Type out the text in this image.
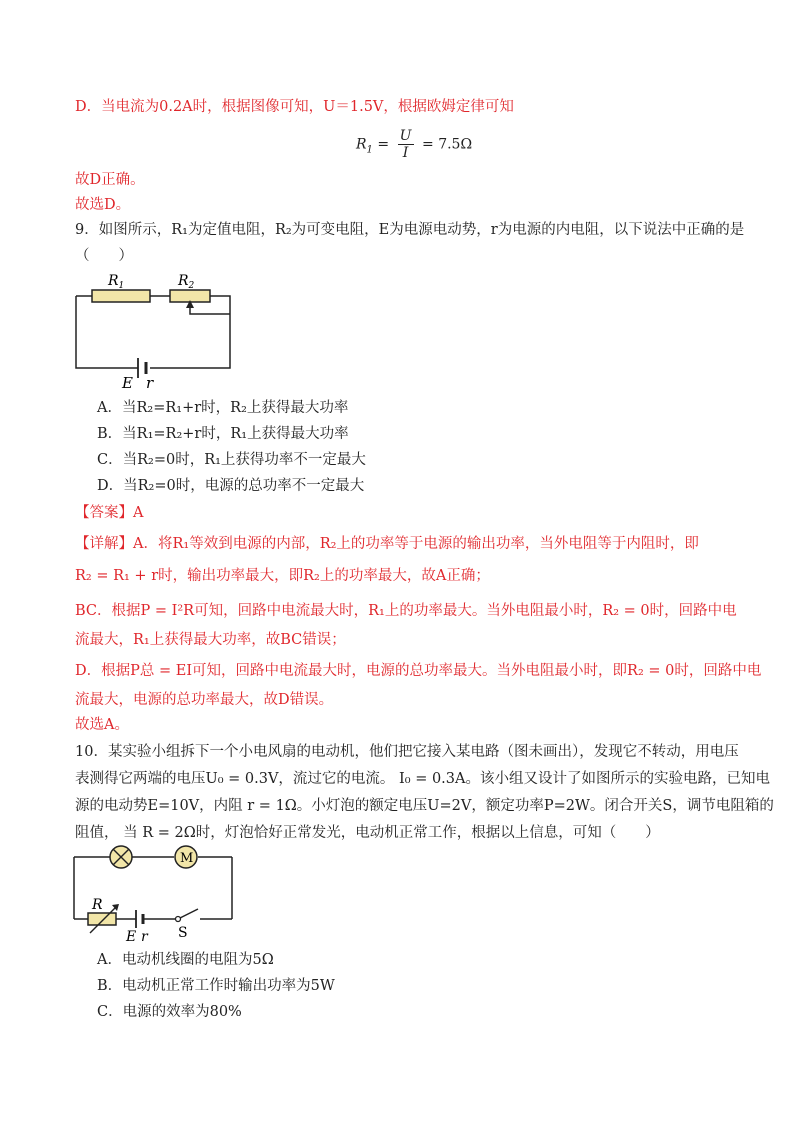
D．当电流为0.2A时，根据图像可知，U＝1.5V，根据欧姆定律可知
$R_1 = \frac{U}{I} = 7.5\Omega$
故D正确。
故选D。
9．如图所示，R₁为定值电阻，R₂为可变电阻，E为电源电动势，r为电源的内电阻，以下说法中正确的是
（　　）
$R_1$	$R_2$
E r
A．当R₂=R₁+r时，R₂上获得最大功率
B．当R₁=R₂+r时，R₁上获得最大功率
C．当R₂=0时，R₁上获得功率不一定最大
D．当R₂=0时，电源的总功率不一定最大
【答案】A
【详解】A．将R₁等效到电源的内部，R₂上的功率等于电源的输出功率，当外电阻等于内阻时，即
R₂ = R₁ + r时，输出功率最大，即R₂上的功率最大，故A正确；
BC．根据P = I²R可知，回路中电流最大时，R₁上的功率最大。当外电阻最小时，R₂ = 0时，回路中电
流最大，R₁上获得最大功率，故BC错误；
D．根据P总 = EI可知，回路中电流最大时，电源的总功率最大。当外电阻最小时，即R₂ = 0时，回路中电
流最大，电源的总功率最大，故D错误。
故选A。
10．某实验小组拆下一个小电风扇的电动机，他们把它接入某电路（图未画出），发现它不转动，用电压
表测得它两端的电压U₀ = 0.3V，流过它的电流。 I₀ = 0.3A。该小组又设计了如图所示的实验电路，已知电
源的电动势E=10V，内阻 r = 1Ω。小灯泡的额定电压U=2V，额定功率P=2W。闭合开关S，调节电阻箱的
阻值， 当 R = 2Ω时，灯泡恰好正常发光，电动机正常工作，根据以上信息，可知（　　）
M
R
E r S
A．电动机线圈的电阻为5Ω
B．电动机正常工作时输出功率为5W
C．电源的效率为80%
